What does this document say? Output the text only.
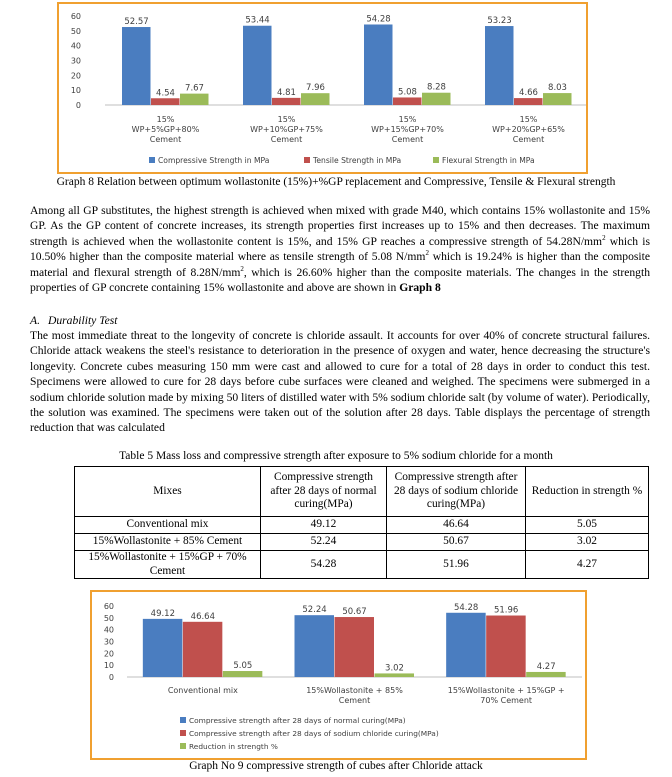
0
10
20
30
40
50
60
52.57
4.54 7.67
15%
WP+5%GP+80%
Cement
53.44
4.81 7.96
15%
WP+10%GP+75%
Cement
54.28
5.08 8.28
15%
WP+15%GP+70%
Cement
53.23
4.66 8.03
15%
WP+20%GP+65%
Cement
Compressive Strength in MPa	Tensile Strength in MPa	Flexural Strength in MPa
Graph 8 Relation between optimum wollastonite (15%)+%GP replacement and Compressive, Tensile & Flexural strength

Among all GP substitutes, the highest strength is achieved when mixed with grade M40, which contains 15% wollastonite and 15% GP. As the GP content of concrete increases, its strength properties first increases up to 15% and then decreases. The maximum strength is achieved when the wollastonite content is 15%, and 15% GP reaches a compressive strength of $54.28N/mm^2$ which is 10.50% higher than the composite material where as tensile strength of 5.08 $N/mm^2$ which is 19.24% is higher than the composite material and flexural strength of $8.28N/mm^2$, which is 26.60% higher than the composite materials. The changes in the strength properties of GP concrete containing 15% wollastonite and above are shown in Graph 8

A. Durability Test

The most immediate threat to the longevity of concrete is chloride assault. It accounts for over 40% of concrete structural failures. Chloride attack weakens the steel's resistance to deterioration in the presence of oxygen and water, hence decreasing the structure's longevity. Concrete cubes measuring 150 mm were cast and allowed to cure for a total of 28 days in order to conduct this test. Specimens were allowed to cure for 28 days before cube surfaces were cleaned and weighed. The specimens were submerged in a sodium chloride solution made by mixing 50 liters of distilled water with 5% sodium chloride salt (by volume of water). Periodically, the solution was examined. The specimens were taken out of the solution after 28 days. Table displays the percentage of strength reduction that was calculated

Table 5 Mass loss and compressive strength after exposure to 5% sodium chloride for a month
Mixes	Compressive strength after 28 days of normal curing(MPa)	Compressive strength after 28 days of sodium chloride curing(MPa)	Reduction in strength %
Conventional mix	49.12	46.64	5.05
15%Wollastonite + 85% Cement	52.24	50.67	3.02
15%Wollastonite + 15%GP + 70% Cement	54.28	51.96	4.27
0
10
20
30
40
50
60
49.12 46.64
5.05
Conventional mix
52.24 50.67
3.02
15%Wollastonite + 85%
Cement
54.28 51.96
4.27
15%Wollastonite + 15%GP +
70% Cement
Compressive strength after 28 days of normal curing(MPa)
Compressive strength after 28 days of sodium chloride curing(MPa)
Reduction in strength %
Graph No 9 compressive strength of cubes after Chloride attack
